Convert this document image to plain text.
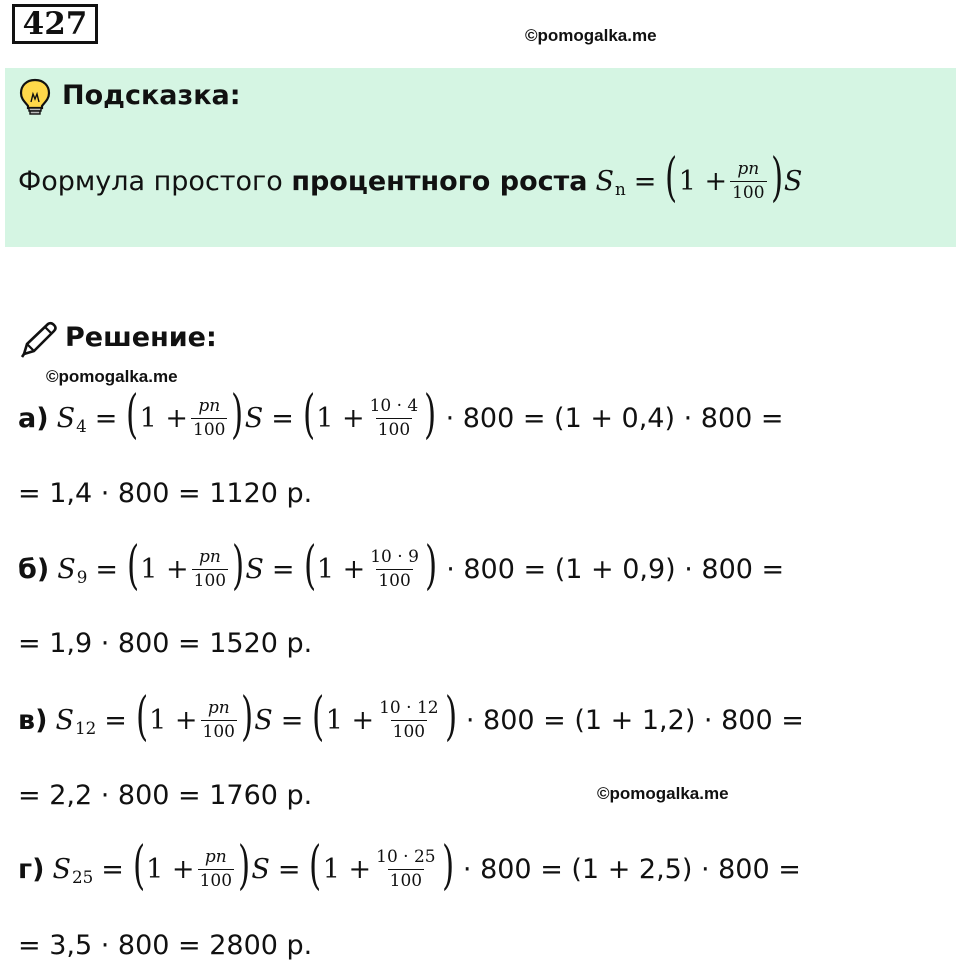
427	©pomogalka.me
Подсказка:
Формула простого процентного роста $S_n$ = ( $1 + \frac{pn}{100}$ ) S
Решение:
©pomogalka.me
а) $S_4$ = ( $1 + \frac{pn}{100}$ ) S = ( $1 + \frac{10 \cdot 4}{100}$ ) · 800 = (1 + 0,4) · 800 =
= 1,4 · 800 = 1120 р.
б) $S_9$ = ( $1 + \frac{pn}{100}$ ) S = ( $1 + \frac{10 \cdot 9}{100}$ ) · 800 = (1 + 0,9) · 800 =
= 1,9 · 800 = 1520 р.
в) $S_{12}$ = ( $1 + \frac{pn}{100}$ ) S = ( $1 + \frac{10 \cdot 12}{100}$ ) · 800 = (1 + 1,2) · 800 =
= 2,2 · 800 = 1760 р.	©pomogalka.me
г) $S_{25}$ = ( $1 + \frac{pn}{100}$ ) S = ( $1 + \frac{10 \cdot 25}{100}$ ) · 800 = (1 + 2,5) · 800 =
= 3,5 · 800 = 2800 р.
